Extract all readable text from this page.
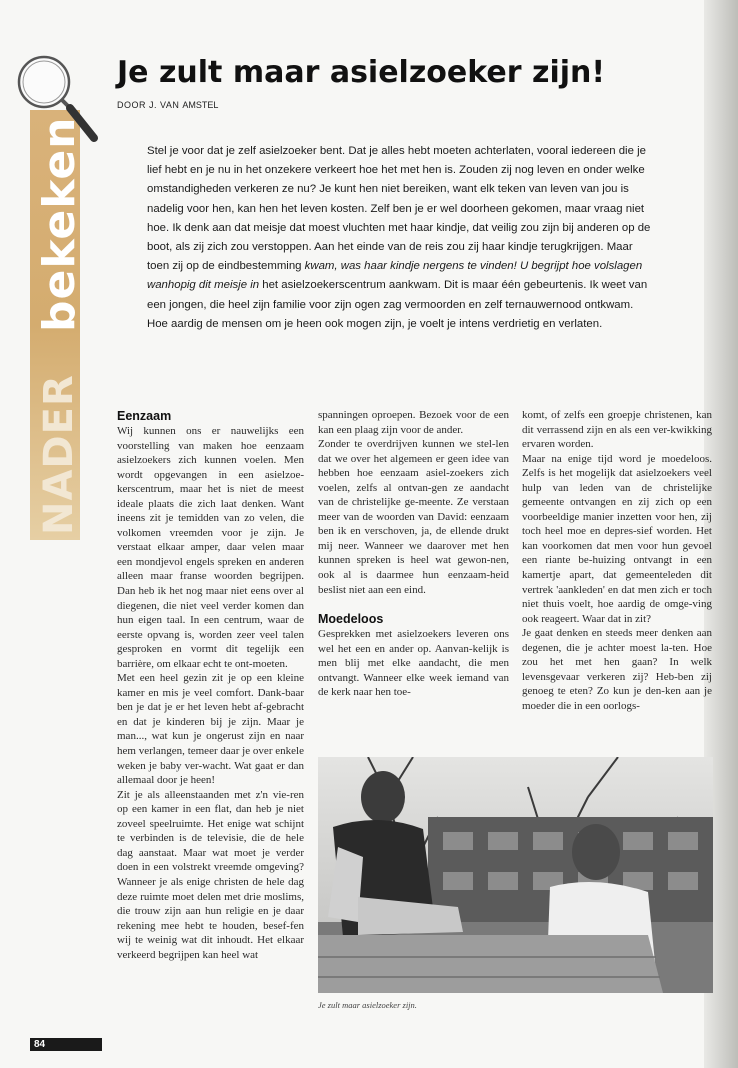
NADER
bekeken
Je zult maar asielzoeker zijn!
DOOR J. VAN AMSTEL

Stel je voor dat je zelf asielzoeker bent. Dat je alles hebt moeten achterlaten, vooral iedereen die je lief hebt en je nu in het onzekere verkeert hoe het met hen is. Zouden zij nog leven en onder welke omstandigheden verkeren ze nu? Je kunt hen niet bereiken, want elk teken van leven van jou is nadelig voor hen, kan hen het leven kosten. Zelf ben je er wel doorheen gekomen, maar vraag niet hoe. Ik denk aan dat meisje dat moest vluchten met haar kindje, dat veilig zou zijn bij anderen op de boot, als zij zich zou verstoppen. Aan het einde van de reis zou zij haar kindje terugkrijgen. Maar toen zij op de eindbestemming kwam, was haar kindje nergens te vinden! U begrijpt hoe volslagen wanhopig dit meisje in het asielzoekerscentrum aankwam. Dit is maar één gebeurtenis. Ik weet van een jongen, die heel zijn familie voor zijn ogen zag vermoorden en zelf ternauwernood ontkwam. Hoe aardig de mensen om je heen ook mogen zijn, je voelt je intens verdrietig en verlaten.

Eenzaam

Wij kunnen ons er nauwelijks een voorstelling van maken hoe eenzaam asielzoekers zich kunnen voelen. Men wordt opgevangen in een asielzoe-kerscentrum, maar het is niet de meest ideale plaats die zich laat denken. Want ineens zit je temidden van zo velen, die volkomen vreemden voor je zijn. Je verstaat elkaar amper, daar velen maar een mondjevol engels spreken en anderen alleen maar franse woorden begrijpen. Dan heb ik het nog maar niet eens over al diegenen, die niet veel verder komen dan hun eigen taal. In een centrum, waar de eerste opvang is, worden zeer veel talen gesproken en vormt dit tegelijk een barrière, om elkaar echt te ont-moeten.

Met een heel gezin zit je op een kleine kamer en mis je veel comfort. Dank-baar ben je dat je er het leven hebt af-gebracht en dat je kinderen bij je zijn. Maar je man..., wat kun je ongerust zijn en naar hem verlangen, temeer daar je over enkele weken je baby ver-wacht. Wat gaat er dan allemaal door je heen!

Zit je als alleenstaanden met z'n vie-ren op een kamer in een flat, dan heb je niet zoveel speelruimte. Het enige wat schijnt te verbinden is de televisie, die de hele dag aanstaat. Maar wat moet je verder doen in een volstrekt vreemde omgeving? Wanneer je als enige christen de hele dag deze ruimte moet delen met drie moslims, die trouw zijn aan hun religie en je daar rekening mee hebt te houden, besef-fen wij te weinig wat dit inhoudt. Het elkaar verkeerd begrijpen kan heel wat

spanningen oproepen. Bezoek voor de een kan een plaag zijn voor de ander.

Zonder te overdrijven kunnen we stel-len dat we over het algemeen er geen idee van hebben hoe eenzaam asiel-zoekers zich voelen, zelfs al ontvan-gen ze aandacht van de christelijke ge-meente. Ze verstaan meer van de woorden van David: eenzaam ben ik en verschoven, ja, de ellende drukt mij neer. Wanneer we daarover met hen kunnen spreken is heel wat gewon-nen, ook al is daarmee hun eenzaam-heid beslist niet aan een eind.

Moedeloos

Gesprekken met asielzoekers leveren ons wel het een en ander op. Aanvan-kelijk is men blij met elke aandacht, die men ontvangt. Wanneer elke week iemand van de kerk naar hen toe-

komt, of zelfs een groepje christenen, kan dit verrassend zijn en als een ver-kwikking ervaren worden.

Maar na enige tijd word je moedeloos. Zelfs is het mogelijk dat asielzoekers veel hulp van leden van de christelijke gemeente ontvangen en zij zich op een voorbeeldige manier inzetten voor hen, zij toch heel moe en depres-sief worden. Het kan voorkomen dat men voor hun gevoel een riante be-huizing ontvangt in een kamertje apart, dat gemeenteleden dit vertrek 'aankleden' en dat men zich er toch niet thuis voelt, hoe aardig de omge-ving ook reageert. Waar dat in zit?

Je gaat denken en steeds meer denken aan degenen, die je achter moest la-ten. Hoe zou het met hen gaan? In welk levensgevaar verkeren zij? Heb-ben zij genoeg te eten? Zo kun je den-ken aan je moeder die in een oorlogs-

Je zult maar asielzoeker zijn.
84
